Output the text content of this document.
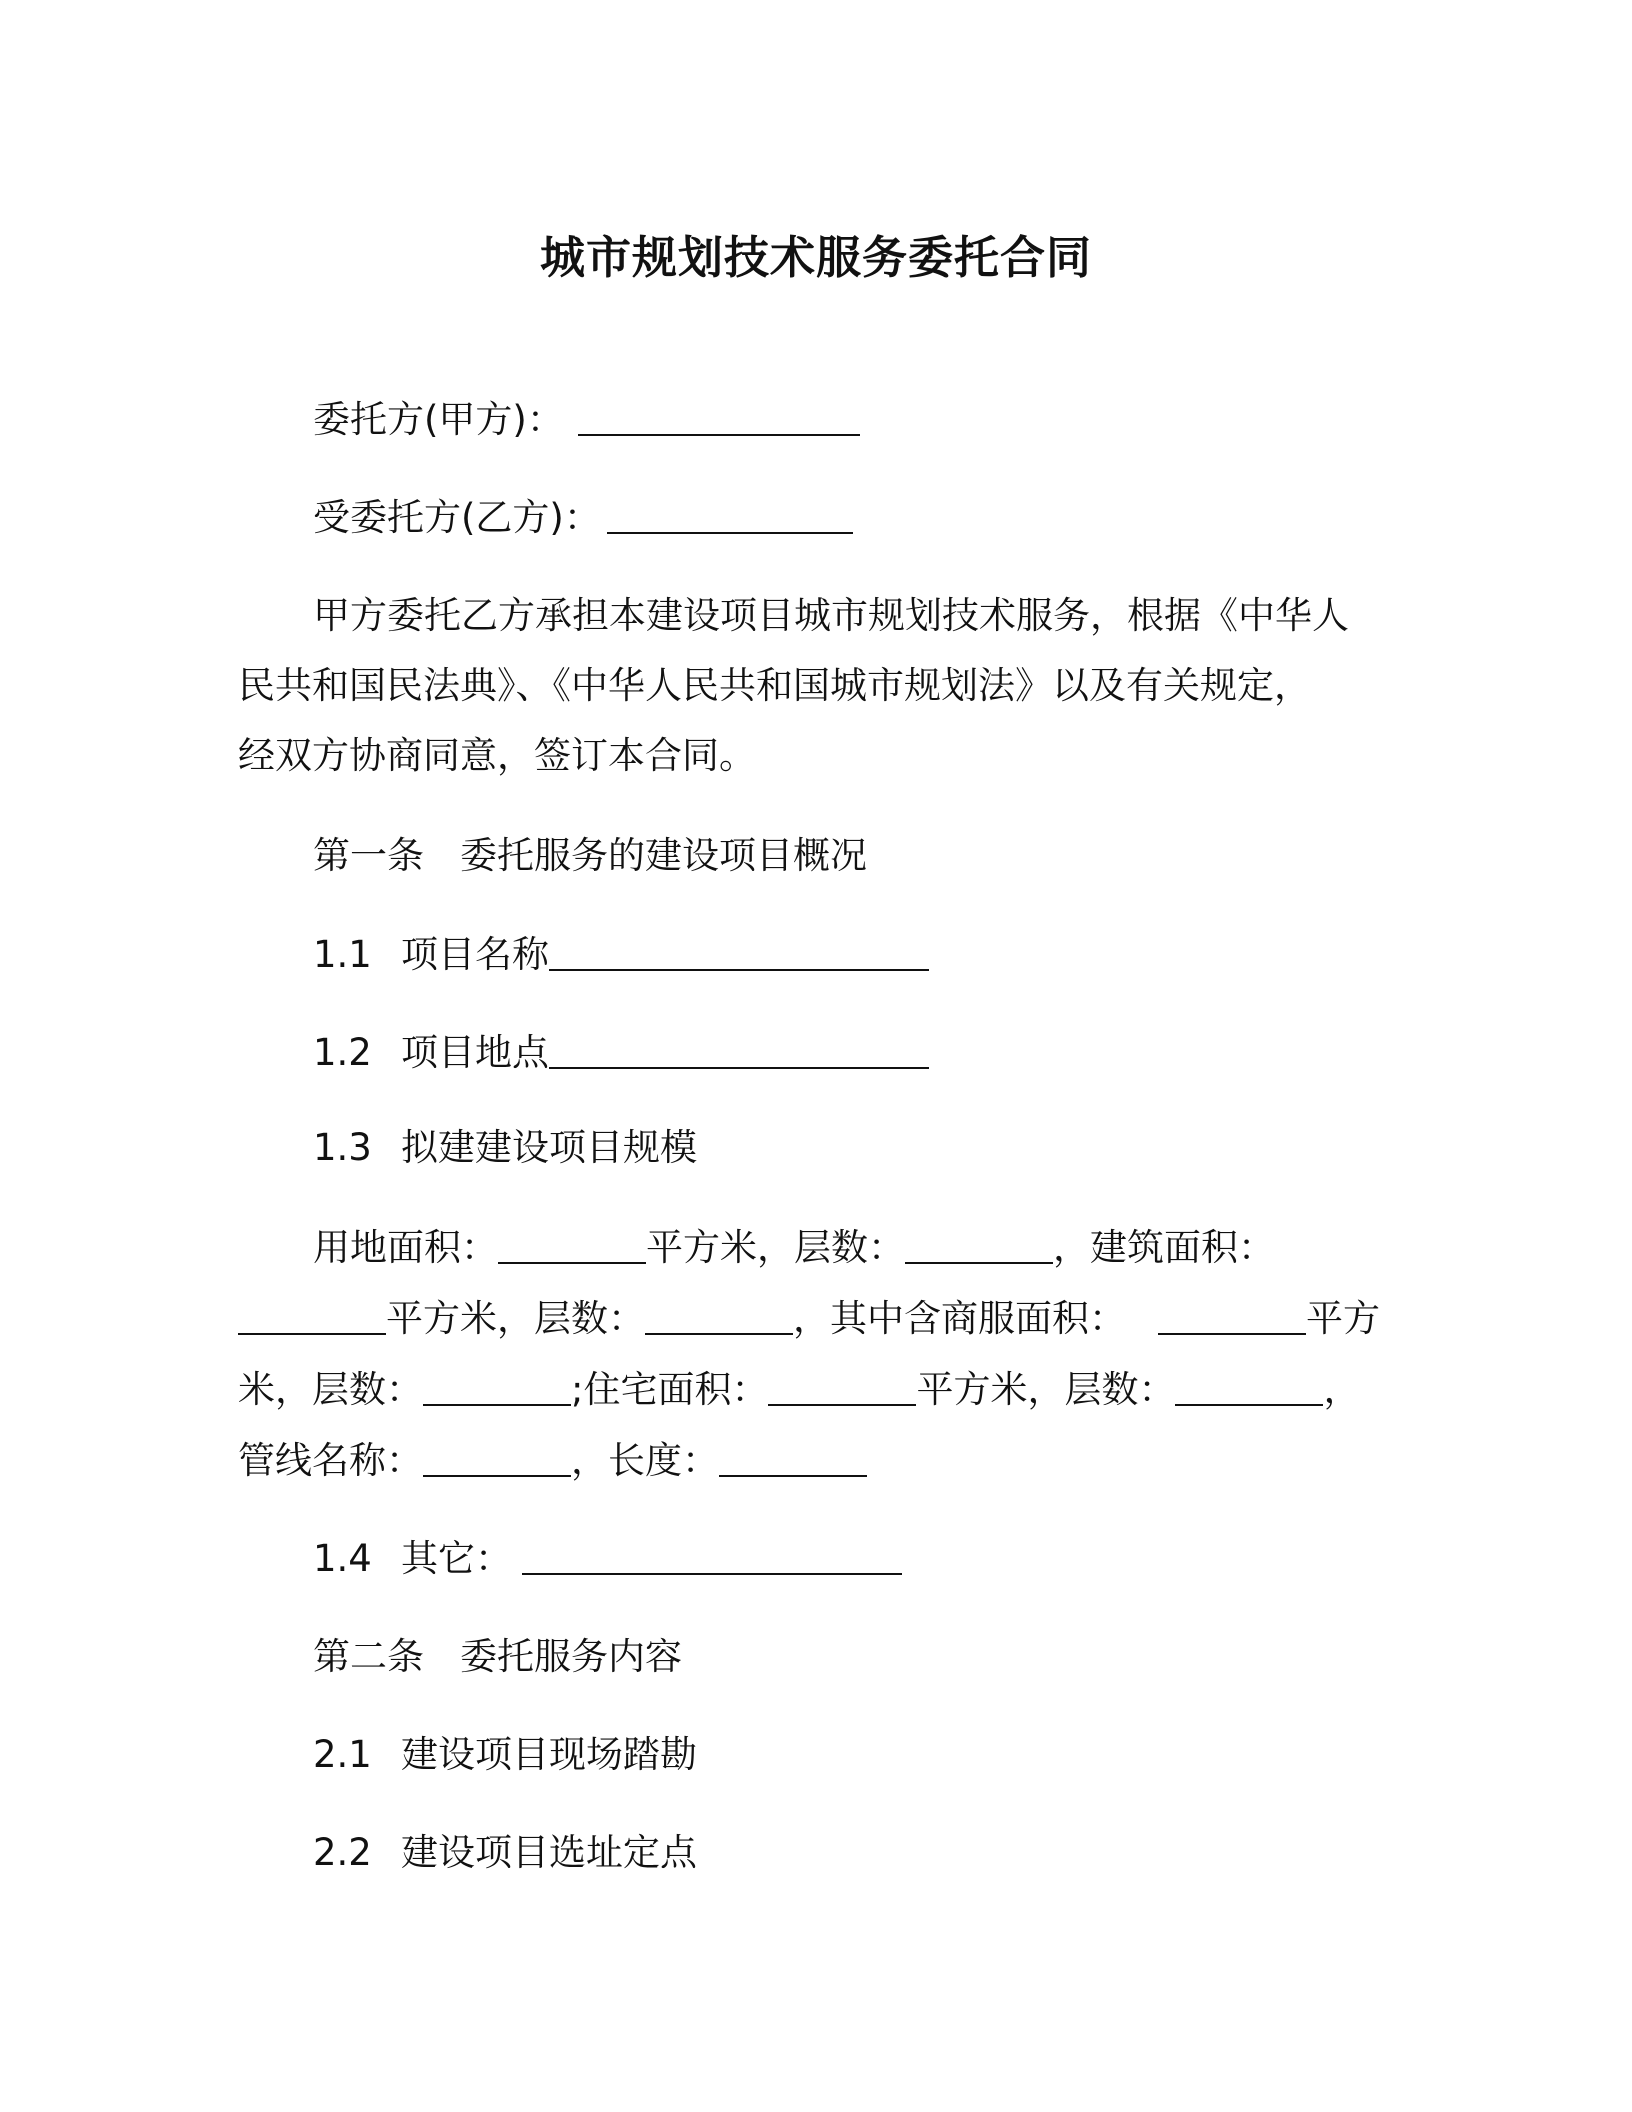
城市规划技术服务委托合同
委托方(甲方)：
受委托方(乙方)：
甲方委托乙方承担本建设项目城市规划技术服务，根据《中华人
民共和国民法典》、《中华人民共和国城市规划法》以及有关规定，
经双方协商同意，签订本合同。
第一条 委托服务的建设项目概况
1.1 项目名称
1.2 项目地点
1.3 拟建建设项目规模
用地面积：	平方米，层数：	，建筑面积：
平方米，层数：	，其中含商服面积：	平方
米，层数：	;住宅面积：	平方米，层数：	，
管线名称：	，长度：
1.4 其它：
第二条 委托服务内容
2.1 建设项目现场踏勘
2.2 建设项目选址定点
